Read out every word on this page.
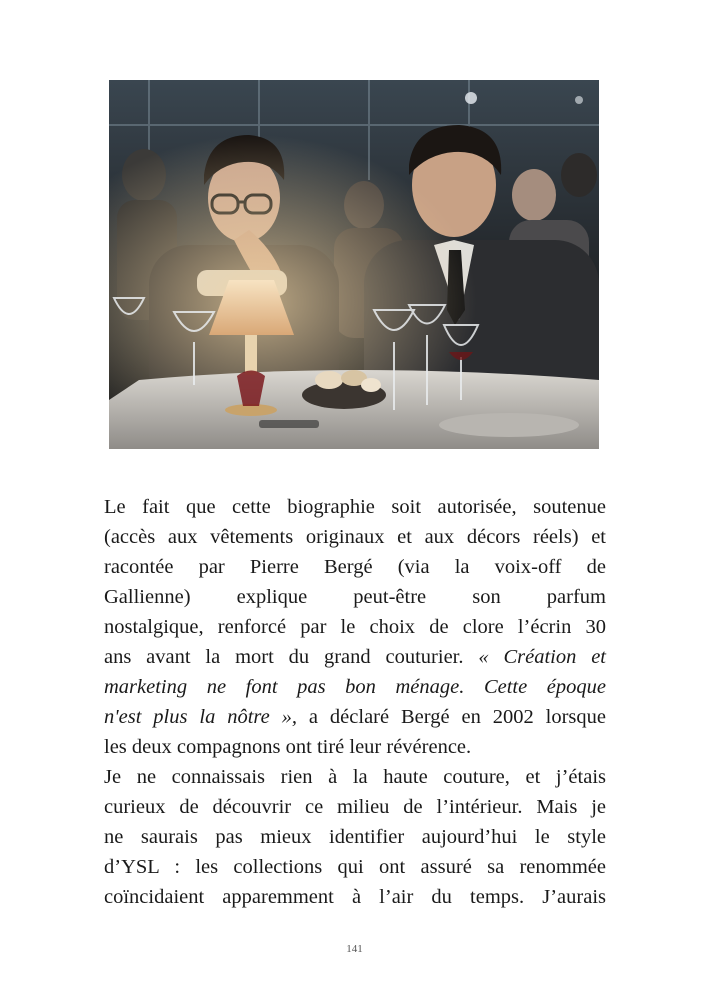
Le fait que cette biographie soit autorisée, soutenue
(accès aux vêtements originaux et aux décors réels) et
racontée par Pierre Bergé (via la voix-off de
Gallienne) explique peut-être son parfum
nostalgique, renforcé par le choix de clore l’écrin 30
ans avant la mort du grand couturier. « Création et
marketing ne font pas bon ménage. Cette époque
n'est plus la nôtre », a déclaré Bergé en 2002 lorsque
les deux compagnons ont tiré leur révérence.

Je ne connaissais rien à la haute couture, et j’étais
curieux de découvrir ce milieu de l’intérieur. Mais je
ne saurais pas mieux identifier aujourd’hui le style
d’YSL : les collections qui ont assuré sa renommée
coïncidaient apparemment à l’air du temps. J’aurais

141
